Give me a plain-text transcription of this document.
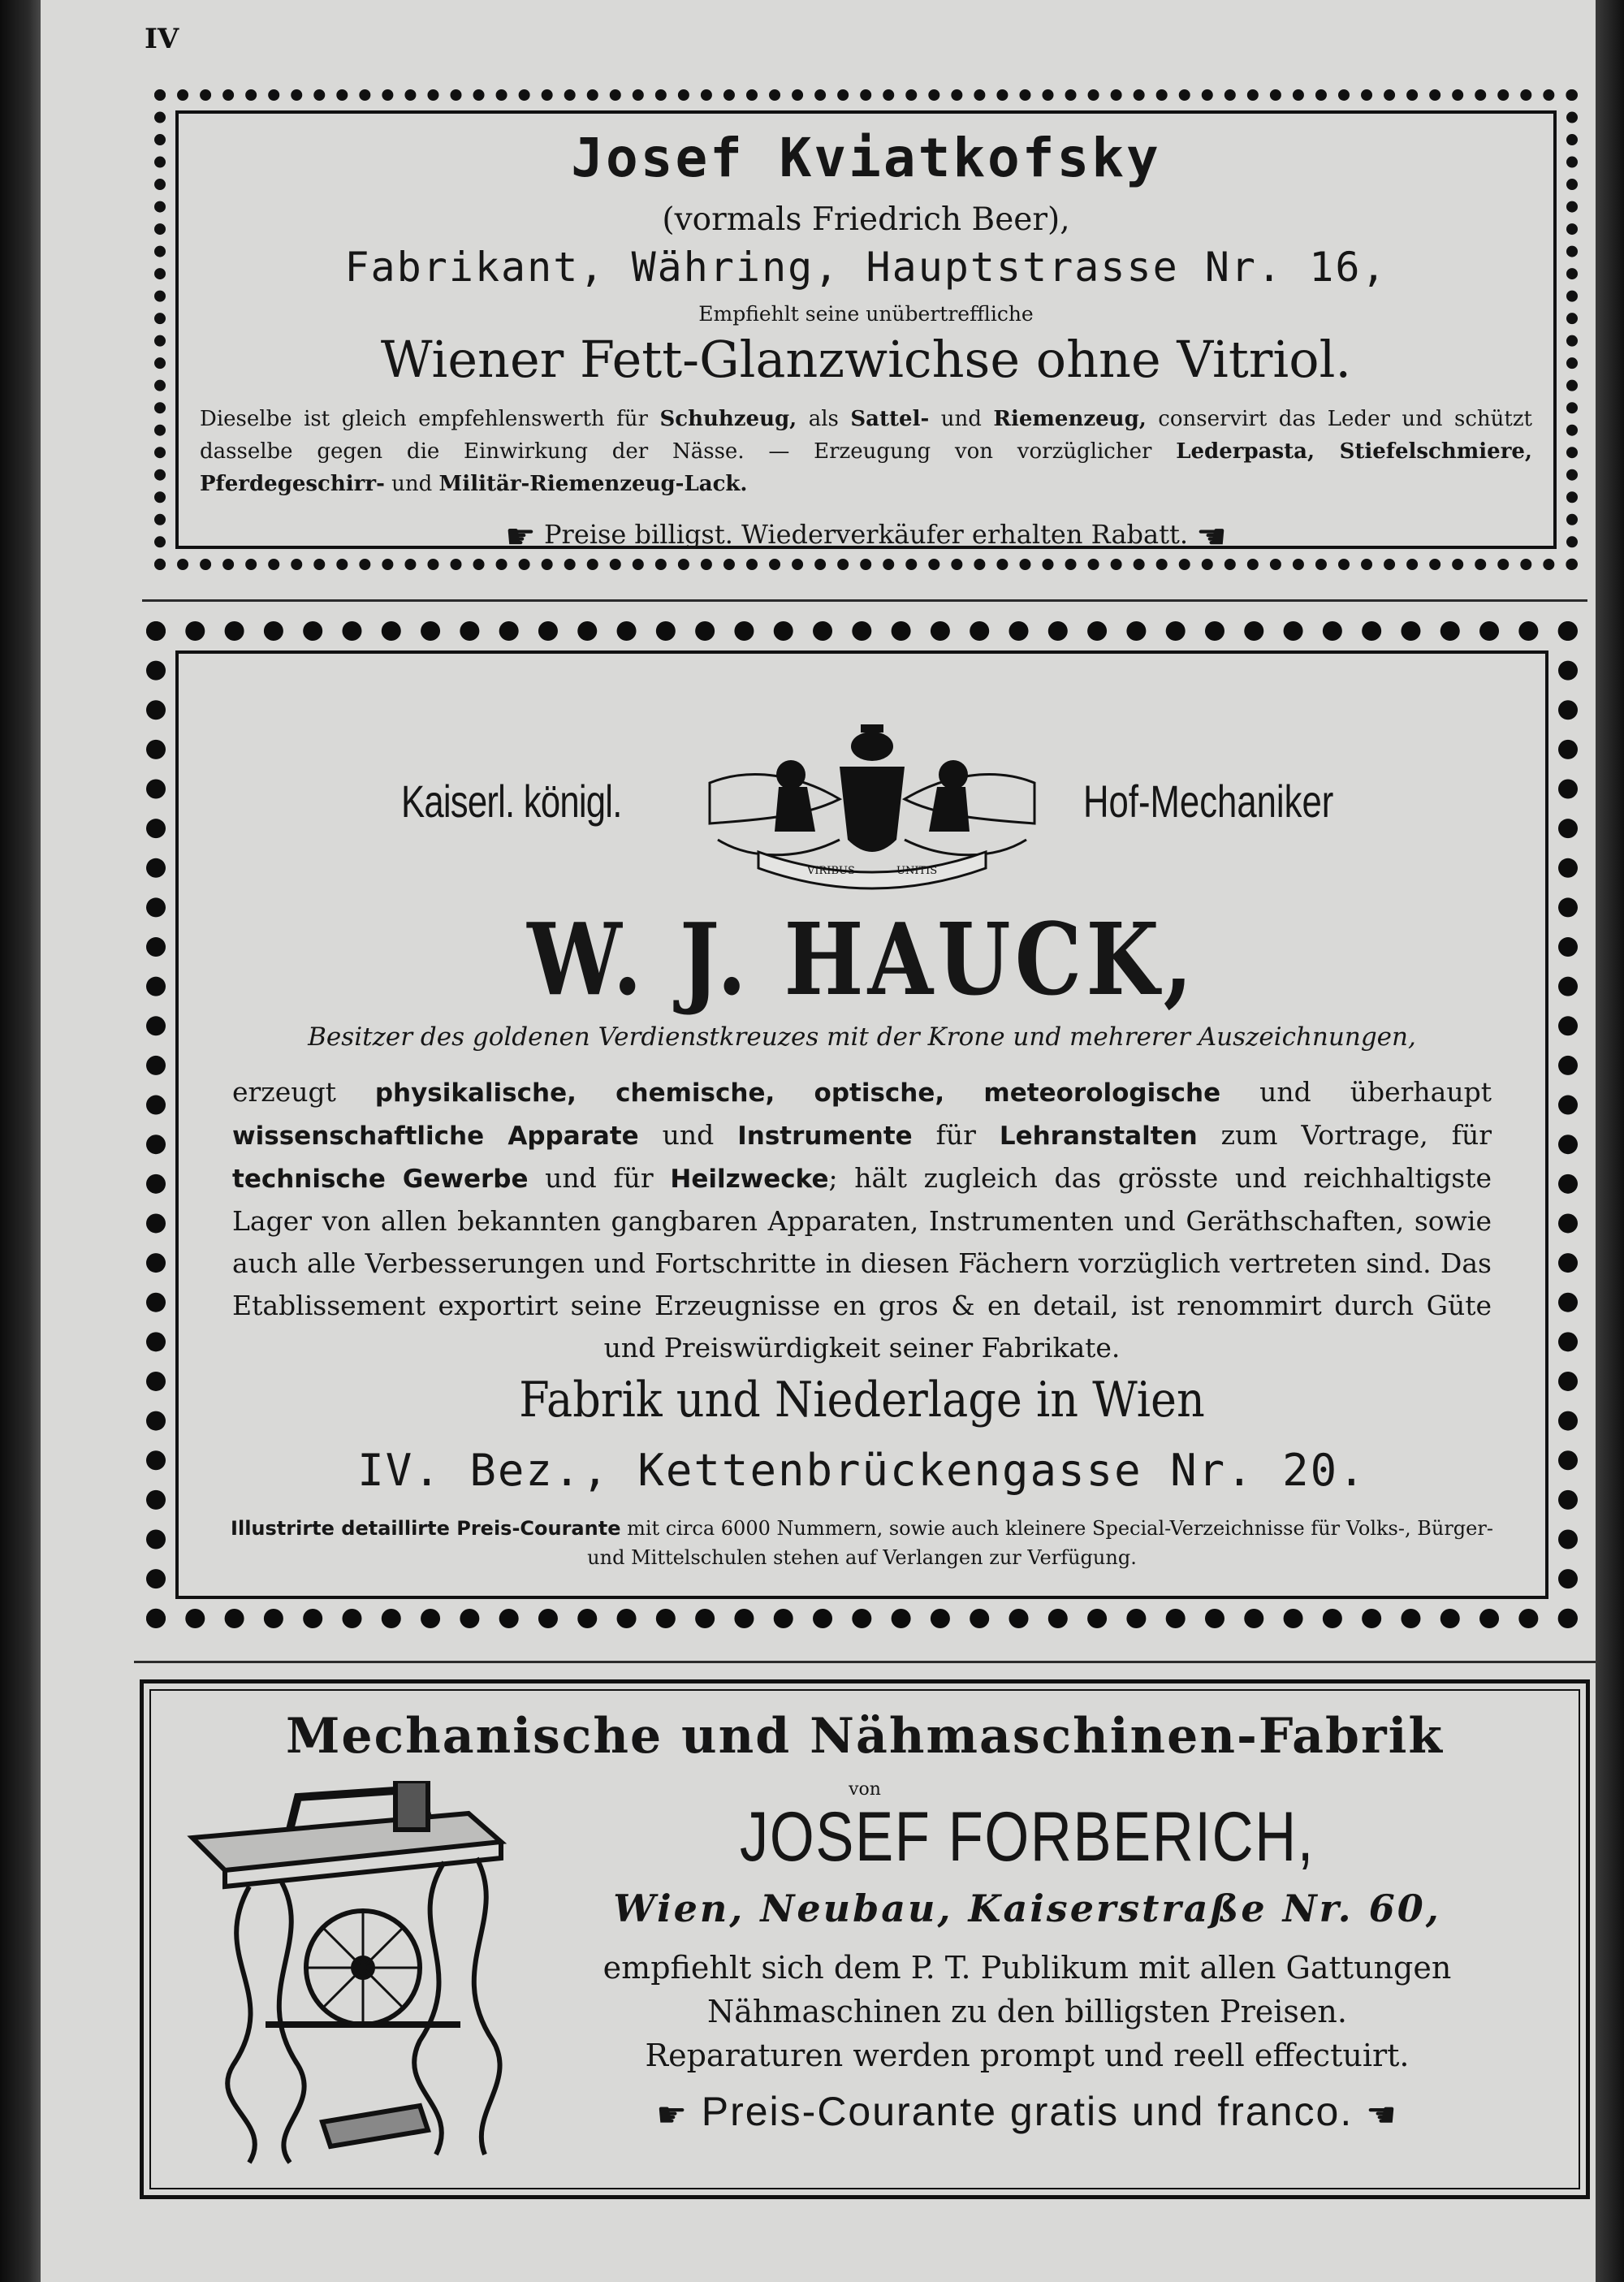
IV
Josef Kviatkofsky
(vormals Friedrich Beer),
Fabrikant, Währing, Hauptstrasse Nr. 16,
Empfiehlt seine unübertreffliche
Wiener Fett-Glanzwichse ohne Vitriol.
Dieselbe ist gleich empfehlenswerth für Schuhzeug, als Sattel- und Riemenzeug, conservirt das Leder und schützt dasselbe gegen die Einwirkung der Nässe. — Erzeugung von vorzüglicher Lederpasta, Stiefelschmiere, Pferdegeschirr- und Militär-Riemenzeug-Lack.
☛ Preise billigst. Wiederverkäufer erhalten Rabatt. ☚
Kaiserl. königl.
VIRIBUS	UNITIS
Hof-Mechaniker
W. J. HAUCK,
Besitzer des goldenen Verdienstkreuzes mit der Krone und mehrerer Auszeichnungen,
erzeugt physikalische, chemische, optische, meteorologische und überhaupt wissenschaftliche Apparate und Instrumente für Lehranstalten zum Vortrage, für technische Gewerbe und für Heilzwecke; hält zugleich das grösste und reichhaltigste Lager von allen bekannten gangbaren Apparaten, Instrumenten und Geräthschaften, sowie auch alle Verbesserungen und Fortschritte in diesen Fächern vorzüglich vertreten sind. Das Etablissement exportirt seine Erzeugnisse en gros & en detail, ist renommirt durch Güte und Preiswürdigkeit seiner Fabrikate.
Fabrik und Niederlage in Wien
IV. Bez., Kettenbrückengasse Nr. 20.
Illustrirte detaillirte Preis-Courante mit circa 6000 Nummern, sowie auch kleinere Special-Verzeichnisse für Volks-, Bürger- und Mittelschulen stehen auf Verlangen zur Verfügung.
Mechanische und Nähmaschinen-Fabrik
von
JOSEF FORBERICH,
Wien, Neubau, Kaiserstraße Nr. 60,
empfiehlt sich dem P. T. Publikum mit allen Gattungen
Nähmaschinen zu den billigsten Preisen.
Reparaturen werden prompt und reell effectuirt.
☛ Preis-Courante gratis und franco. ☚
